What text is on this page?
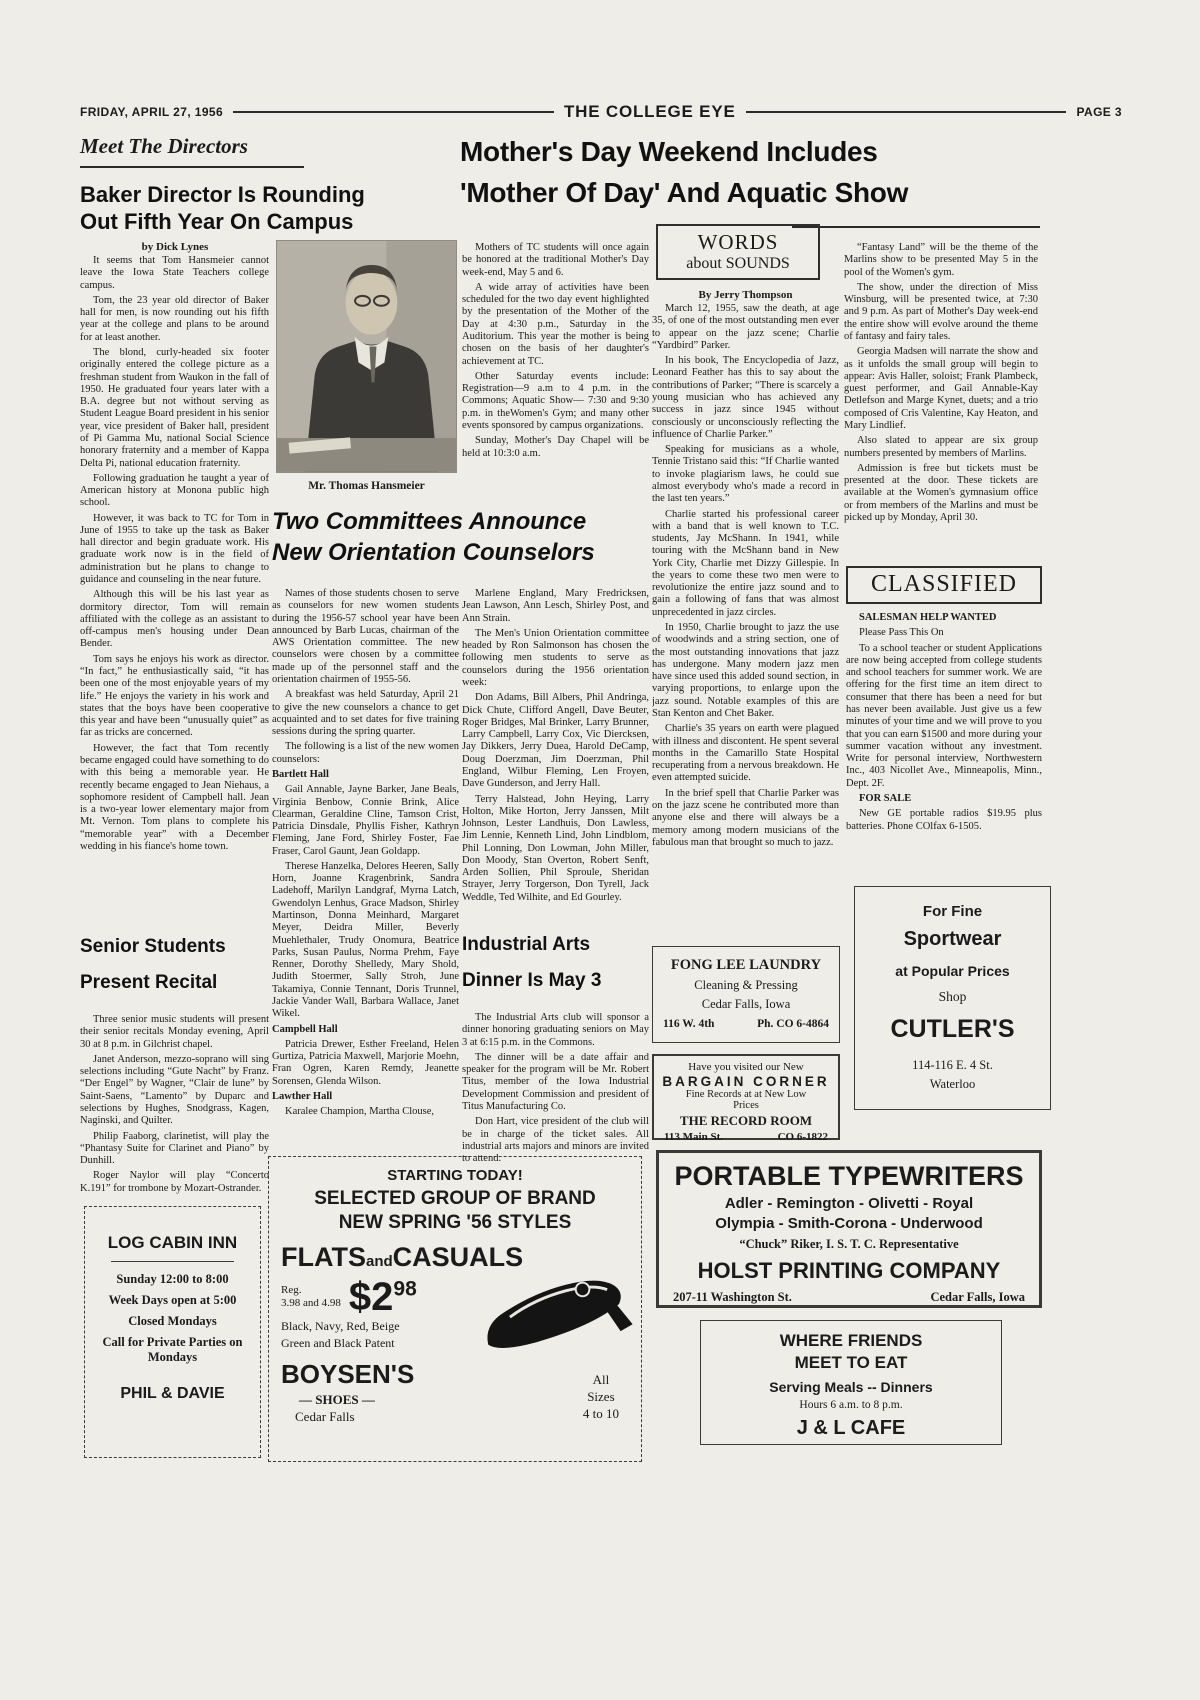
FRIDAY, APRIL 27, 1956	THE COLLEGE EYE	PAGE 3
Meet The Directors
Baker Director Is Rounding
Out Fifth Year On Campus
by Dick Lynes

It seems that Tom Hansmeier cannot leave the Iowa State Teachers college campus.

Tom, the 23 year old director of Baker hall for men, is now rounding out his fifth year at the college and plans to be around for at least another.

The blond, curly-headed six footer originally entered the college picture as a freshman student from Waukon in the fall of 1950. He graduated four years later with a B.A. degree but not without serving as Student League Board president in his senior year, vice president of Baker hall, president of Pi Gamma Mu, national Social Science honorary fraternity and a member of Kappa Delta Pi, national education fraternity.

Following graduation he taught a year of American history at Monona public high school.

However, it was back to TC for Tom in June of 1955 to take up the task as Baker hall director and begin graduate work. His graduate work now is in the field of administration but he plans to change to guidance and counseling in the near future.

Although this will be his last year as dormitory director, Tom will remain affiliated with the college as an assistant to off-campus men's housing under Dean Bender.

Tom says he enjoys his work as director. “In fact,” he enthusiastically said, “it has been one of the most enjoyable years of my life.” He enjoys the variety in his work and states that the boys have been cooperative this year and have been “unusually quiet” as far as tricks are concerned.

However, the fact that Tom recently became engaged could have something to do with this being a memorable year. He recently became engaged to Jean Niehaus, a sophomore resident of Campbell hall. Jean is a two-year lower elementary major from Mt. Vernon. Tom plans to complete his “memorable year” with a December wedding in his fiance's home town.

Senior Students
Present Recital

Three senior music students will present their senior recitals Monday evening, April 30 at 8 p.m. in Gilchrist chapel.

Janet Anderson, mezzo-soprano will sing selections including “Gute Nacht” by Franz. “Der Engel” by Wagner, “Clair de lune” by Saint-Saens, “Lamento” by Duparc and selections by Hughes, Snodgrass, Kagen, Naginski, and Quilter.

Philip Faaborg, clarinetist, will play the “Phantasy Suite for Clarinet and Piano” by Dunhill.

Roger Naylor will play “Concerto K.191” for trombone by Mozart-Ostrander.

LOG CABIN INN
Sunday 12:00 to 8:00
Week Days open at 5:00
Closed Mondays
Call for Private Parties on Mondays
PHIL & DAVIE
Mr. Thomas Hansmeier
Two Committees Announce
New Orientation Counselors

Names of those students chosen to serve as counselors for new women students during the 1956-57 school year have been announced by Barb Lucas, chairman of the AWS Orientation committee. The new counselors were chosen by a committee made up of the personnel staff and the orientation chairmen of 1955-56.

A breakfast was held Saturday, April 21 to give the new counselors a chance to get acquainted and to set dates for five training sessions during the spring quarter.

The following is a list of the new women counselors:

Bartlett Hall

Gail Annable, Jayne Barker, Jane Beals, Virginia Benbow, Connie Brink, Alice Clearman, Geraldine Cline, Tamson Crist, Patricia Dinsdale, Phyllis Fisher, Kathryn Fleming, Jane Ford, Shirley Foster, Fae Fraser, Carol Gaunt, Jean Goldapp.

Therese Hanzelka, Delores Heeren, Sally Horn, Joanne Kragenbrink, Sandra Ladehoff, Marilyn Landgraf, Myrna Latch, Gwendolyn Lenhus, Grace Madson, Shirley Martinson, Donna Meinhard, Margaret Meyer, Deidra Miller, Beverly Muehlethaler, Trudy Onomura, Beatrice Parks, Susan Paulus, Norma Prehm, Faye Renner, Dorothy Shelledy, Mary Shold, Judith Stoermer, Sally Stroh, June Takamiya, Connie Tennant, Doris Trunnel, Jackie Vander Wall, Barbara Wallace, Janet Wikel.

Campbell Hall

Patricia Drewer, Esther Freeland, Helen Gurtiza, Patricia Maxwell, Marjorie Moehn, Fran Ogren, Karen Remdy, Jeanette Sorensen, Glenda Wilson.

Lawther Hall

Karalee Champion, Martha Clouse,

Marlene England, Mary Fredricksen, Jean Lawson, Ann Lesch, Shirley Post, and Ann Strain.

The Men's Union Orientation committee headed by Ron Salmonson has chosen the following men students to serve as counselors during the 1956 orientation week:

Don Adams, Bill Albers, Phil Andringa, Dick Chute, Clifford Angell, Dave Beuter, Roger Bridges, Mal Brinker, Larry Brunner, Larry Campbell, Larry Cox, Vic Diercksen, Jay Dikkers, Jerry Duea, Harold DeCamp, Doug Doerzman, Jim Doerzman, Phil England, Wilbur Fleming, Len Froyen, Dave Gunderson, and Jerry Hall.

Terry Halstead, John Heying, Larry Holton, Mike Horton, Jerry Janssen, Milt Johnson, Lester Landhuis, Don Lawless, Jim Lennie, Kenneth Lind, John Lindblom, Phil Lonning, Don Lowman, John Miller, Don Moody, Stan Overton, Robert Senft, Arden Sollien, Phil Sproule, Sheridan Strayer, Jerry Torgerson, Don Tyrell, Jack Weddle, Ted Wilhite, and Ed Gourley.

Mother's Day Weekend Includes
'Mother Of Day' And Aquatic Show

Mothers of TC students will once again be honored at the traditional Mother's Day week-end, May 5 and 6.

A wide array of activities have been scheduled for the two day event highlighted by the presentation of the Mother of the Day at 4:30 p.m., Saturday in the Auditorium. This year the mother is being chosen on the basis of her daughter's achievement at TC.

Other Saturday events include: Registration—9 a.m to 4 p.m. in the Commons; Aquatic Show— 7:30 and 9:30 p.m. in theWomen's Gym; and many other events sponsored by campus organizations.

Sunday, Mother's Day Chapel will be held at 10:3:0 a.m.

Industrial Arts
Dinner Is May 3

The Industrial Arts club will sponsor a dinner honoring graduating seniors on May 3 at 6:15 p.m. in the Commons.

The dinner will be a date affair and speaker for the program will be Mr. Robert Titus, member of the Iowa Industrial Development Commission and president of Titus Manufacturing Co.

Don Hart, vice president of the club will be in charge of the ticket sales. All industrial arts majors and minors are invited to attend.

WORDS
about SOUNDS
By Jerry Thompson

March 12, 1955, saw the death, at age 35, of one of the most outstanding men ever to appear on the jazz scene; Charlie “Yardbird” Parker.

In his book, The Encyclopedia of Jazz, Leonard Feather has this to say about the contributions of Parker; “There is scarcely a young musician who has achieved any success in jazz since 1945 without consciously or unconsciously reflecting the influence of Charlie Parker.”

Speaking for musicians as a whole, Tennie Tristano said this: “If Charlie wanted to invoke plagiarism laws, he could sue almost everybody who's made a record in the last ten years.”

Charlie started his professional career with a band that is well known to T.C. students, Jay McShann. In 1941, while touring with the McShann band in New York City, Charlie met Dizzy Gillespie. In the years to come these two men were to revolutionize the entire jazz sound and to gain a following of fans that was almost unprecedented in jazz circles.

In 1950, Charlie brought to jazz the use of woodwinds and a string section, one of the most outstanding innovations that jazz has undergone. Many modern jazz men have since used this added sound section, in varying proportions, to enlarge upon the jazz sound. Notable examples of this are Stan Kenton and Chet Baker.

Charlie's 35 years on earth were plagued with illness and discontent. He spent several months in the Camarillo State Hospital recuperating from a nervous breakdown. He even attempted suicide.

In the brief spell that Charlie Parker was on the jazz scene he contributed more than anyone else and there will always be a memory among modern musicians of the fabulous man that brought so much to jazz.

FONG LEE LAUNDRY
Cleaning & Pressing
Cedar Falls, Iowa
116 W. 4th	Ph. CO 6-4864
Have you visited our New
BARGAIN CORNER
Fine Records at at New Low
Prices
THE RECORD ROOM
113 Main St.	CO 6-1822

“Fantasy Land” will be the theme of the Marlins show to be presented May 5 in the pool of the Women's gym.

The show, under the direction of Miss Winsburg, will be presented twice, at 7:30 and 9 p.m. As part of Mother's Day week-end the entire show will evolve around the theme of fantasy and fairy tales.

Georgia Madsen will narrate the show and as it unfolds the small group will begin to appear: Avis Haller, soloist; Frank Plambeck, guest performer, and Gail Annable-Kay Detlefson and Marge Kynet, duets; and a trio composed of Cris Valentine, Kay Heaton, and Mary Lindlief.

Also slated to appear are six group numbers presented by members of Marlins.

Admission is free but tickets must be presented at the door. These tickets are available at the Women's gymnasium office or from members of the Marlins and must be picked up by Monday, April 30.

CLASSIFIED

SALESMAN HELP WANTED

Please Pass This On

To a school teacher or student Applications are now being accepted from college students and school teachers for summer work. We are offering for the first time an item direct to consumer that there has been a need for but has never been available. Just give us a few minutes of your time and we will prove to you that you can earn $1500 and more during your summer vacation without any investment. Write for personal interview, Northwestern Inc., 403 Nicollet Ave., Minneapolis, Minn., Dept. 2F.

FOR SALE

New GE portable radios $19.95 plus batteries. Phone COlfax 6-1505.

For Fine
Sportwear
at Popular Prices
Shop
CUTLER'S
114-116 E. 4 St.
Waterloo
STARTING TODAY!
SELECTED GROUP OF BRAND
NEW SPRING '56 STYLES
FLATSandCASUALS
Reg.
3.98 and 4.98 $\$2^{98}$
Black, Navy, Red, Beige
Green and Black Patent
BOYSEN'S
— SHOES —
Cedar Falls
All
Sizes
4 to 10
PORTABLE TYPEWRITERS
Adler - Remington - Olivetti - Royal
Olympia - Smith-Corona - Underwood
“Chuck” Riker, I. S. T. C. Representative
HOLST PRINTING COMPANY
207-11 Washington St.	Cedar Falls, Iowa
WHERE FRIENDS
MEET TO EAT
Serving Meals -- Dinners
Hours 6 a.m. to 8 p.m.
J & L CAFE
